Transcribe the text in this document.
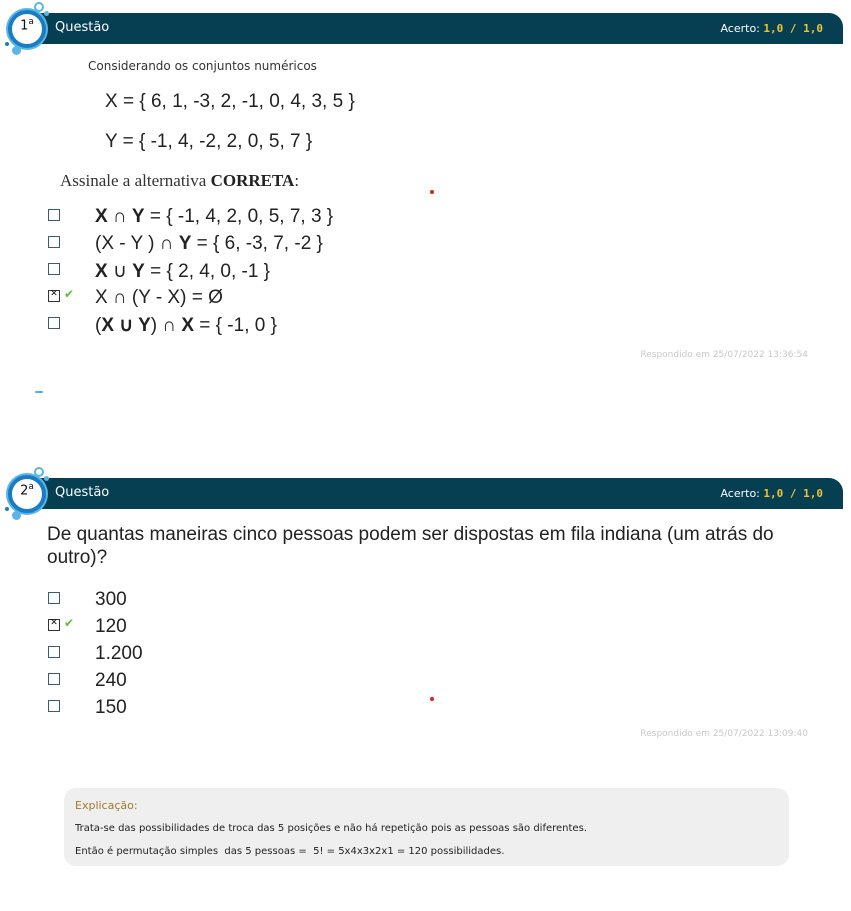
Questão	Acerto: 1,0 / 1,0
1$^a$
Considerando os conjuntos numéricos
X = { 6, 1, -3, 2, -1, 0, 4, 3, 5 }
Y = { -1, 4, -2, 2, 0, 5, 7 }
Assinale a alternativa CORRETA:
X ∩ Y = { -1, 4, 2, 0, 5, 7, 3 }
(X - Y ) ∩ Y = { 6, -3, 7, -2 }
X ∪ Y = { 2, 4, 0, -1 }
✕
✔ X ∩ (Y - X) = Ø
(X ∪ Y) ∩ X = { -1, 0 }
Respondido em 25/07/2022 13:36:54
Questão	Acerto: 1,0 / 1,0
2$^a$
De quantas maneiras cinco pessoas podem ser dispostas em fila indiana (um atrás do outro)?
300
✕
✔ 120
1.200
240
150
Respondido em 25/07/2022 13:09:40
Explicação:
Trata-se das possibilidades de troca das 5 posições e não há repetição pois as pessoas são diferentes.
Então é permutação simples  das 5 pessoas =  5! = 5x4x3x2x1 = 120 possibilidades.
